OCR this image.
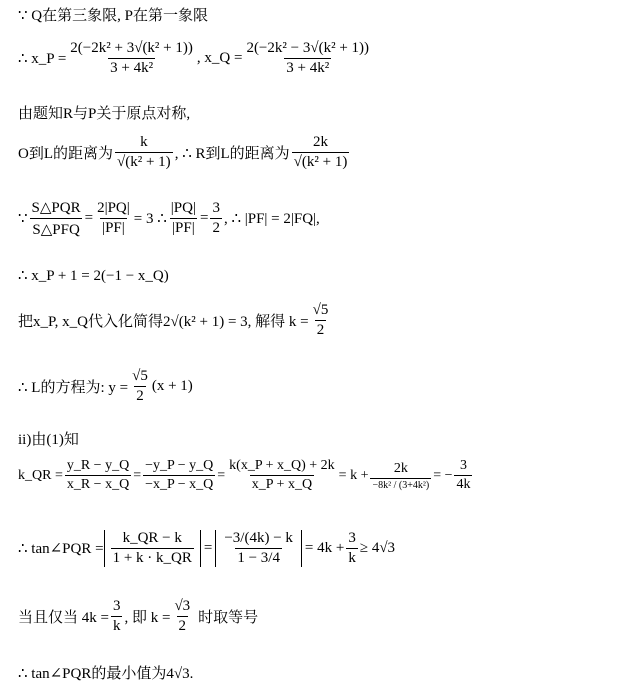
∵ Q在第三象限, P在第一象限
∴ x_P = $\frac{\text{2(−2k² + 3√(k² + 1))}}{\text{3 + 4k²}}$ , x_Q = $\frac{\text{2(−2k² − 3√(k² + 1))}}{\text{3 + 4k²}}$
由题知R与P关于原点对称,
O到L的距离为 $\frac{k}{\text{√(k² + 1)}}$ , ∴ R到L的距离为 $\frac{2k}{\text{√(k² + 1)}}$
∵ $\frac{\text{S△PQR}}{\text{S△PFQ}} = \frac{2|PQ|}{|PF|} = 3$ ∴ $\frac{|PQ|}{|PF|} = \frac{3}{2}$ , ∴ |PF| = 2|FQ|,
∴ x_P + 1 = 2(−1 − x_Q)
把x_P, x_Q代入化简得2√(k² + 1) = 3, 解得 $k = \frac{√5}{2}$
∴ L的方程为: $y = \frac{√5}{2} (x + 1)$
ii)由(1)知
k_QR = $\frac{y\_R - y\_Q}{x\_R - x\_Q} = \frac{-y\_P - y\_Q}{-x\_P - x\_Q} = \frac{k(x\_P + x\_Q) + 2k}{x\_P + x\_Q} = k + \frac{2k}{\text{−8k² / (3+4k²)}}$ = − $\frac{3}{4k}$
∴ tan∠PQR = $\frac{k\_QR - k}{1 + k \cdot k\_QR} = \frac{-3/(4k) - k}{1 - 3/4} = 4k + \frac{3}{k} \ge 4√3$
当且仅当 $4k = \frac{3}{k}$ , 即 $k = \frac{√3}{2}$ 时取等号
∴ tan∠PQR的最小值为4√3.
